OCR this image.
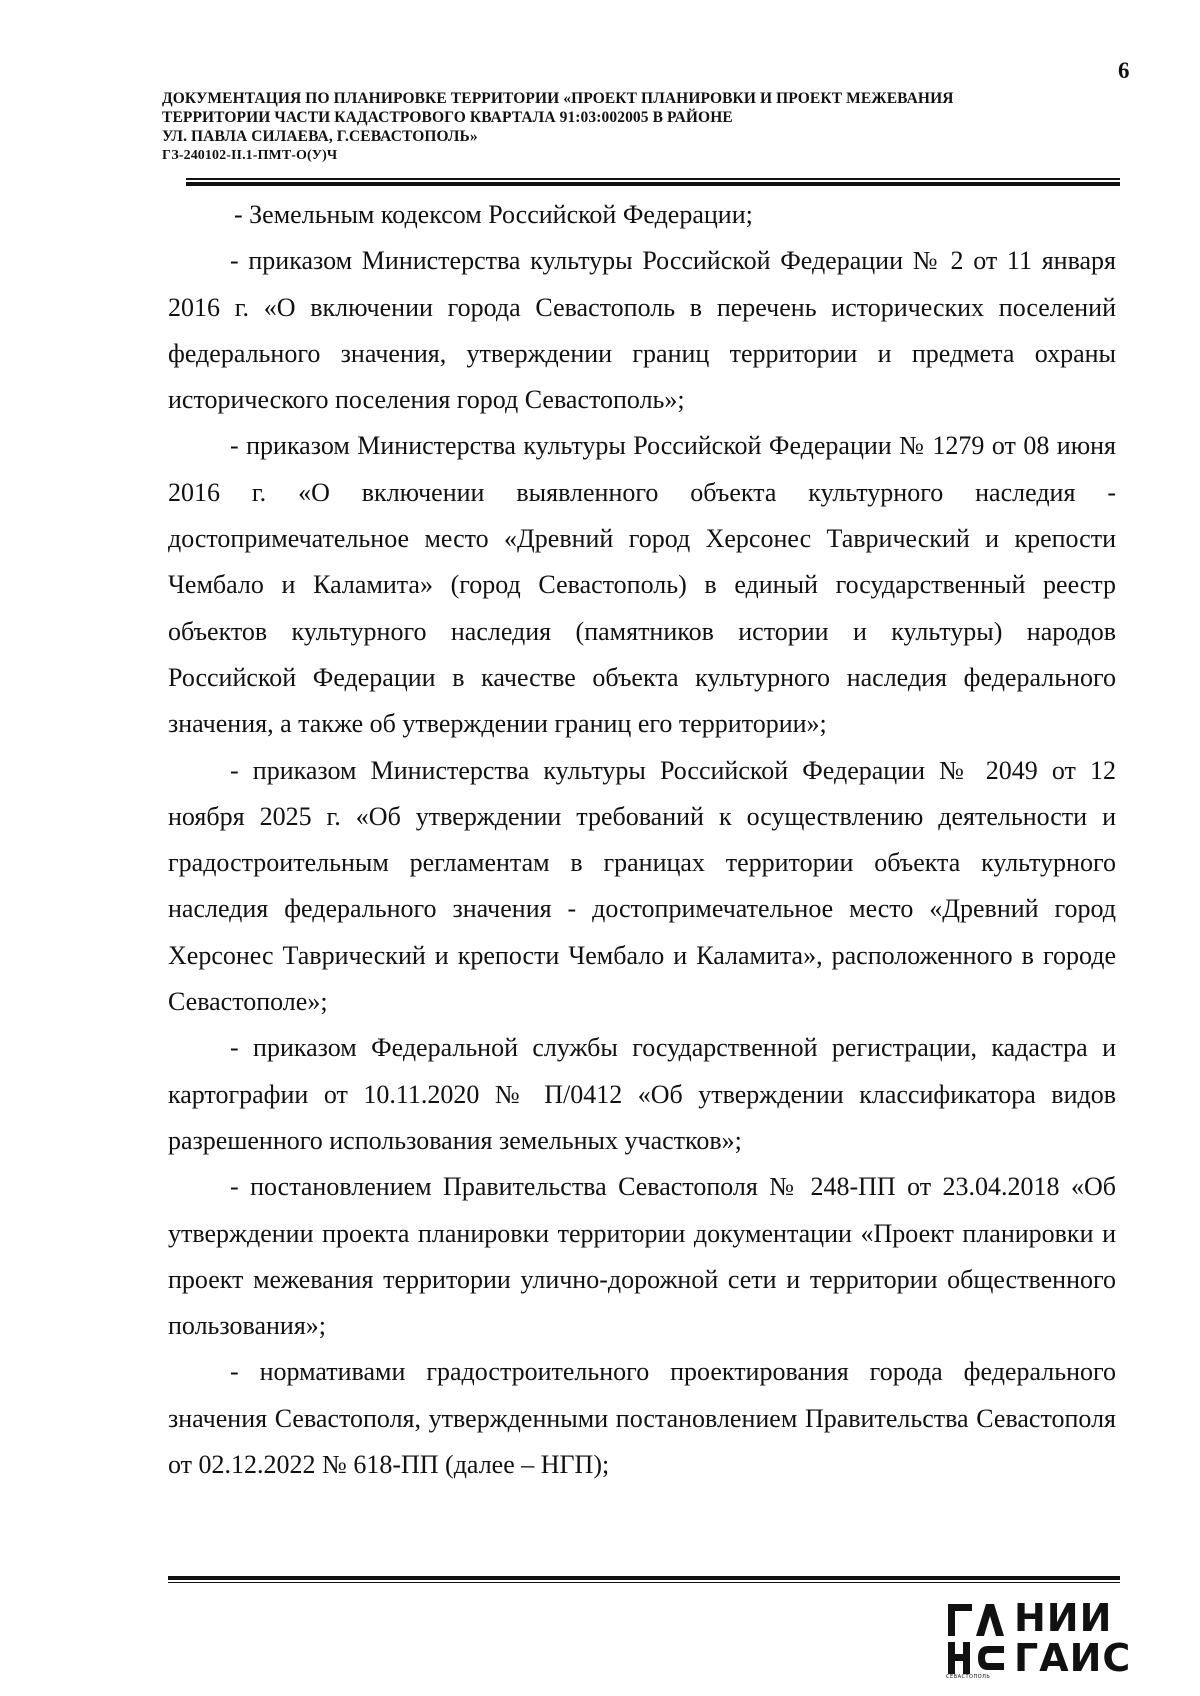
6
ДОКУМЕНТАЦИЯ ПО ПЛАНИРОВКЕ ТЕРРИТОРИИ «ПРОЕКТ ПЛАНИРОВКИ И ПРОЕКТ МЕЖЕВАНИЯ
ТЕРРИТОРИИ ЧАСТИ КАДАСТРОВОГО КВАРТАЛА 91:03:002005 В РАЙОНЕ
УЛ. ПАВЛА СИЛАЕВА, Г.СЕВАСТОПОЛЬ»
ГЗ-240102-II.1-ПМТ-О(У)Ч

- Земельным кодексом Российской Федерации;

- приказом Министерства культуры Российской Федерации № 2 от 11 января 2016 г. «О включении города Севастополь в перечень исторических поселений федерального значения, утверждении границ территории и предмета охраны исторического поселения город Севастополь»;

- приказом Министерства культуры Российской Федерации № 1279 от 08 июня 2016 г. «О включении выявленного объекта культурного наследия - достопримечательное место «Древний город Херсонес Таврический и крепости Чембало и Каламита» (город Севастополь) в единый государственный реестр объектов культурного наследия (памятников истории и культуры) народов Российской Федерации в качестве объекта культурного наследия федерального значения, а также об утверждении границ его территории»;

- приказом Министерства культуры Российской Федерации № 2049 от 12 ноября 2025 г. «Об утверждении требований к осуществлению деятельности и градостроительным регламентам в границах территории объекта культурного наследия федерального значения - достопримечательное место «Древний город Херсонес Таврический и крепости Чембало и Каламита», расположенного в городе Севастополе»;

- приказом Федеральной службы государственной регистрации, кадастра и картографии от 10.11.2020 № П/0412 «Об утверждении классификатора видов разрешенного использования земельных участков»;

- постановлением Правительства Севастополя № 248-ПП от 23.04.2018 «Об утверждении проекта планировки территории документации «Проект планировки и проект межевания территории улично-дорожной сети и территории общественного пользования»;

- нормативами градостроительного проектирования города федерального значения Севастополя, утвержденными постановлением Правительства Севастополя от 02.12.2022 № 618-ПП (далее – НГП);

НИИ
ГАИС
СЕВАСТОПОЛЬ
